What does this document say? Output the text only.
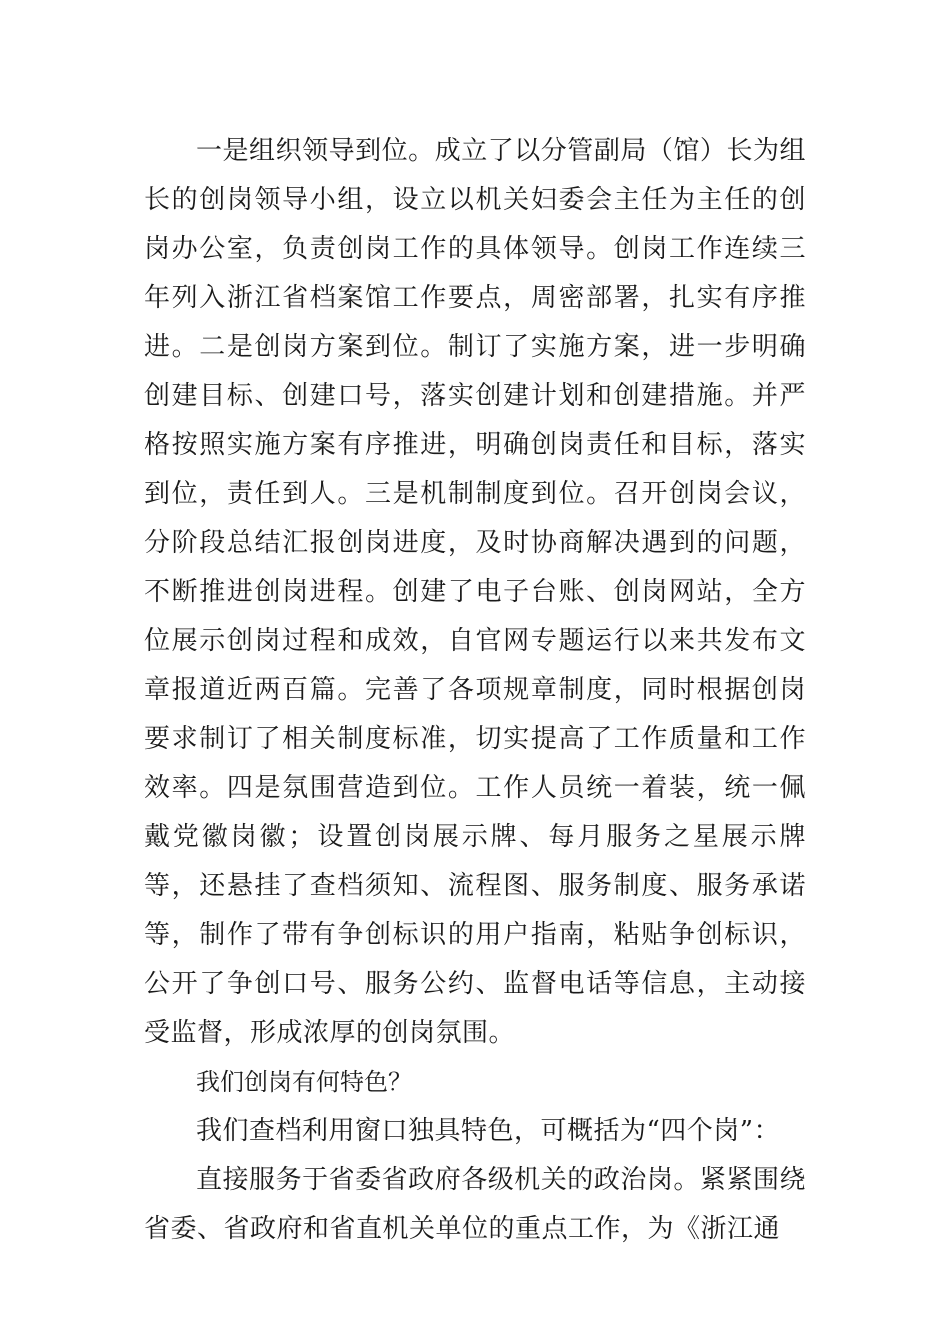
一是组织领导到位。成立了以分管副局（馆）长为组长的创岗领导小组，设立以机关妇委会主任为主任的创岗办公室，负责创岗工作的具体领导。创岗工作连续三年列入浙江省档案馆工作要点，周密部署，扎实有序推进。二是创岗方案到位。制订了实施方案，进一步明确创建目标、创建口号，落实创建计划和创建措施。并严格按照实施方案有序推进，明确创岗责任和目标，落实到位，责任到人。三是机制制度到位。召开创岗会议，分阶段总结汇报创岗进度，及时协商解决遇到的问题，不断推进创岗进程。创建了电子台账、创岗网站，全方位展示创岗过程和成效，自官网专题运行以来共发布文章报道近两百篇。完善了各项规章制度，同时根据创岗要求制订了相关制度标准，切实提高了工作质量和工作效率。四是氛围营造到位。工作人员统一着装，统一佩戴党徽岗徽；设置创岗展示牌、每月服务之星展示牌等，还悬挂了查档须知、流程图、服务制度、服务承诺等，制作了带有争创标识的用户指南，粘贴争创标识，公开了争创口号、服务公约、监督电话等信息，主动接受监督，形成浓厚的创岗氛围。

我们创岗有何特色？

我们查档利用窗口独具特色，可概括为“四个岗”：

直接服务于省委省政府各级机关的政治岗。紧紧围绕省委、省政府和省直机关单位的重点工作，为《浙江通
